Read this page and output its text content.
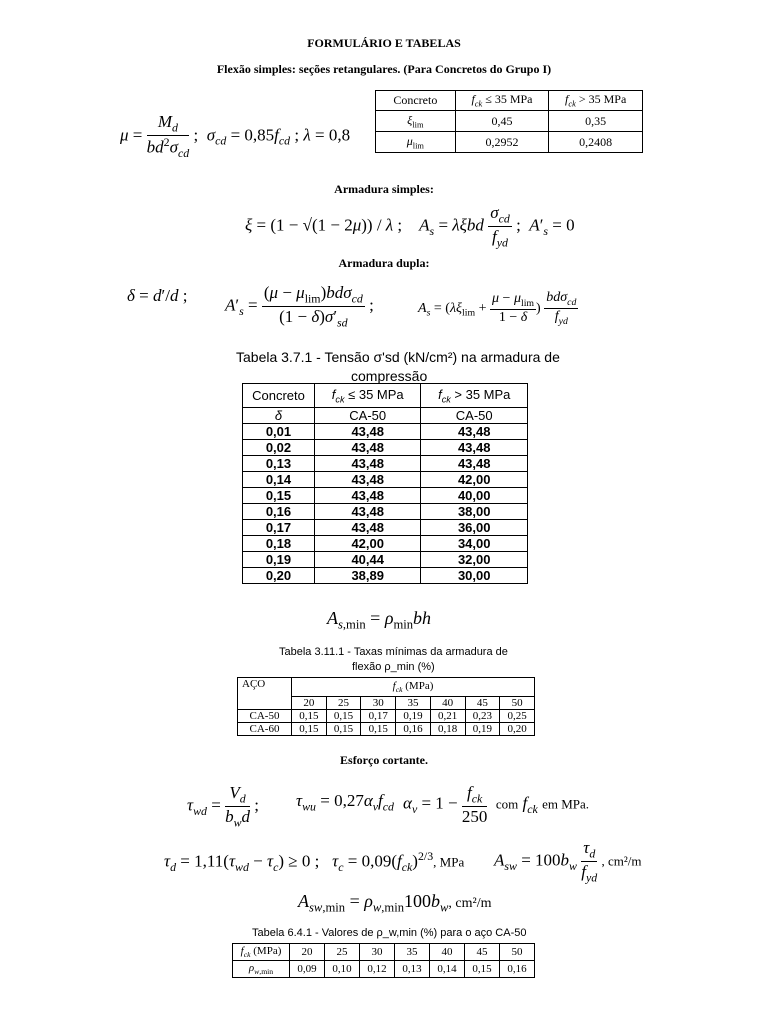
FORMULÁRIO E TABELAS
Flexão simples: seções retangulares. (Para Concretos do Grupo I)
$\mu = \frac{M_d}{bd^2\sigma_{cd}}$ ;  $\sigma_{cd} = 0,85f_{cd}$ ; λ = 0,8
Concreto	$f_{ck} \le 35$ MPa	$f_{ck} > 35$ MPa
$\xi_{lim}$	0,45	0,35
$\mu_{lim}$	0,2952	0,2408
Armadura simples:
ξ = (1 − √(1 − 2μ)) / λ ;    $A_s = \lambda\xi bd \frac{\sigma_{cd}}{f_{yd}}$ ;  $A'_s = 0$
Armadura dupla:
δ = d′/d ; $A'_s = \frac{(\mu - \mu_{lim})bd\sigma_{cd}}{(1 - \delta)\sigma'_{sd}}$ ;	$A_s = (\lambda\xi_{lim} + \frac{\mu - \mu_{lim}}{1 - \delta}$ ) $\frac{bd\sigma_{cd}}{f_{yd}}$
Tabela 3.7.1 - Tensão σ'sd (kN/cm²) na armadura de
compressão
Concreto	$f_{ck} \le 35$ MPa	$f_{ck} > 35$ MPa
δ	CA-50	CA-50
0,01	43,48	43,48
0,02	43,48	43,48
0,13	43,48	43,48
0,14	43,48	42,00
0,15	43,48	40,00
0,16	43,48	38,00
0,17	43,48	36,00
0,18	42,00	34,00
0,19	40,44	32,00
0,20	38,89	30,00
$A_{s,min} = \rho_{min}bh$
Tabela 3.11.1 - Taxas mínimas da armadura de
flexão ρ_min (%)
AÇO	$f_{ck}$ (MPa)						
	20	25	30	35	40	45	50
CA-50	0,15	0,15	0,17	0,19	0,21	0,23	0,25
CA-60	0,15	0,15	0,15	0,16	0,18	0,19	0,20
Esforço cortante.
$\tau_{wd} = \frac{V_d}{b_wd}$ ; $\tau_{wu} = 0,27\alpha_vf_{cd}$ $\alpha_v = 1 - \frac{f_{ck}}{250}$ com $f_{ck}$ em MPa.
$\tau_d = 1,11(\tau_{wd} - \tau_c) \ge 0$ ;   $\tau_c = 0,09(f_{ck})^{2/3}$, MPa $A_{sw} = 100b_w \frac{\tau_d}{f_{yd}}$ , cm²/m
$A_{sw,min} = \rho_{w,min}100b_w$, cm²/m
Tabela 6.4.1 - Valores de ρ_w,min (%) para o aço CA-50
$f_{ck}$ (MPa)	20	25	30	35	40	45	50
$\rho_{w,min}$	0,09	0,10	0,12	0,13	0,14	0,15	0,16
